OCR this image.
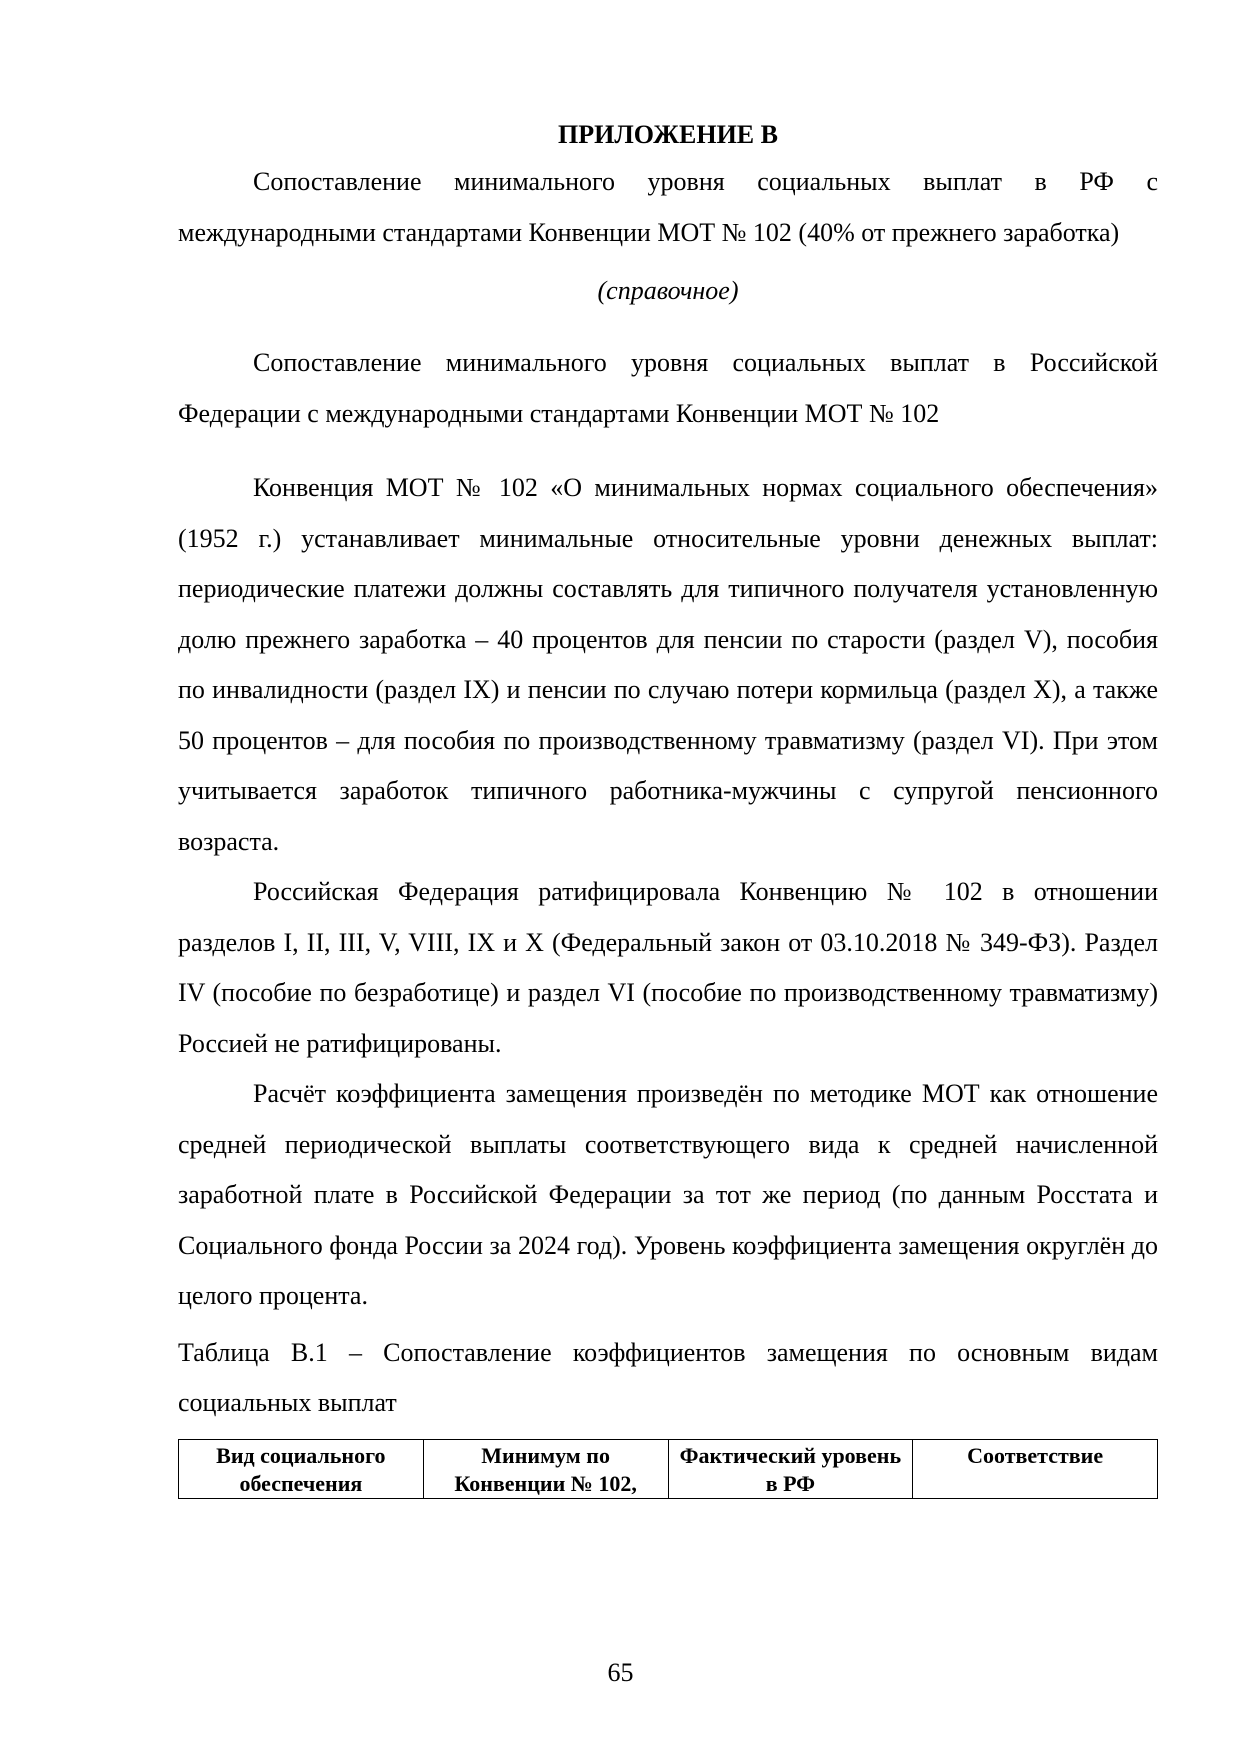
ПРИЛОЖЕНИЕ В

Сопоставление минимального уровня социальных выплат в РФ с международными стандартами Конвенции МОТ № 102 (40% от прежнего заработка)

(справочное)

Сопоставление минимального уровня социальных выплат в Российской Федерации с международными стандартами Конвенции МОТ № 102

Конвенция МОТ № 102 «О минимальных нормах социального обеспечения» (1952 г.) устанавливает минимальные относительные уровни денежных выплат: периодические платежи должны составлять для типичного получателя установленную долю прежнего заработка – 40 процентов для пенсии по старости (раздел V), пособия по инвалидности (раздел IX) и пенсии по случаю потери кормильца (раздел X), а также 50 процентов – для пособия по производственному травматизму (раздел VI). При этом учитывается заработок типичного работника-мужчины с супругой пенсионного возраста.

Российская Федерация ратифицировала Конвенцию № 102 в отношении разделов I, II, III, V, VIII, IX и X (Федеральный закон от 03.10.2018 № 349-ФЗ). Раздел IV (пособие по безработице) и раздел VI (пособие по производственному травматизму) Россией не ратифицированы.

Расчёт коэффициента замещения произведён по методике МОТ как отношение средней периодической выплаты соответствующего вида к средней начисленной заработной плате в Российской Федерации за тот же период (по данным Росстата и Социального фонда России за 2024 год). Уровень коэффициента замещения округлён до целого процента.

Таблица В.1 – Сопоставление коэффициентов замещения по основным видам социальных выплат
Вид социального обеспечения	Минимум по Конвенции № 102,	Фактический уровень в РФ	Соответствие
65
